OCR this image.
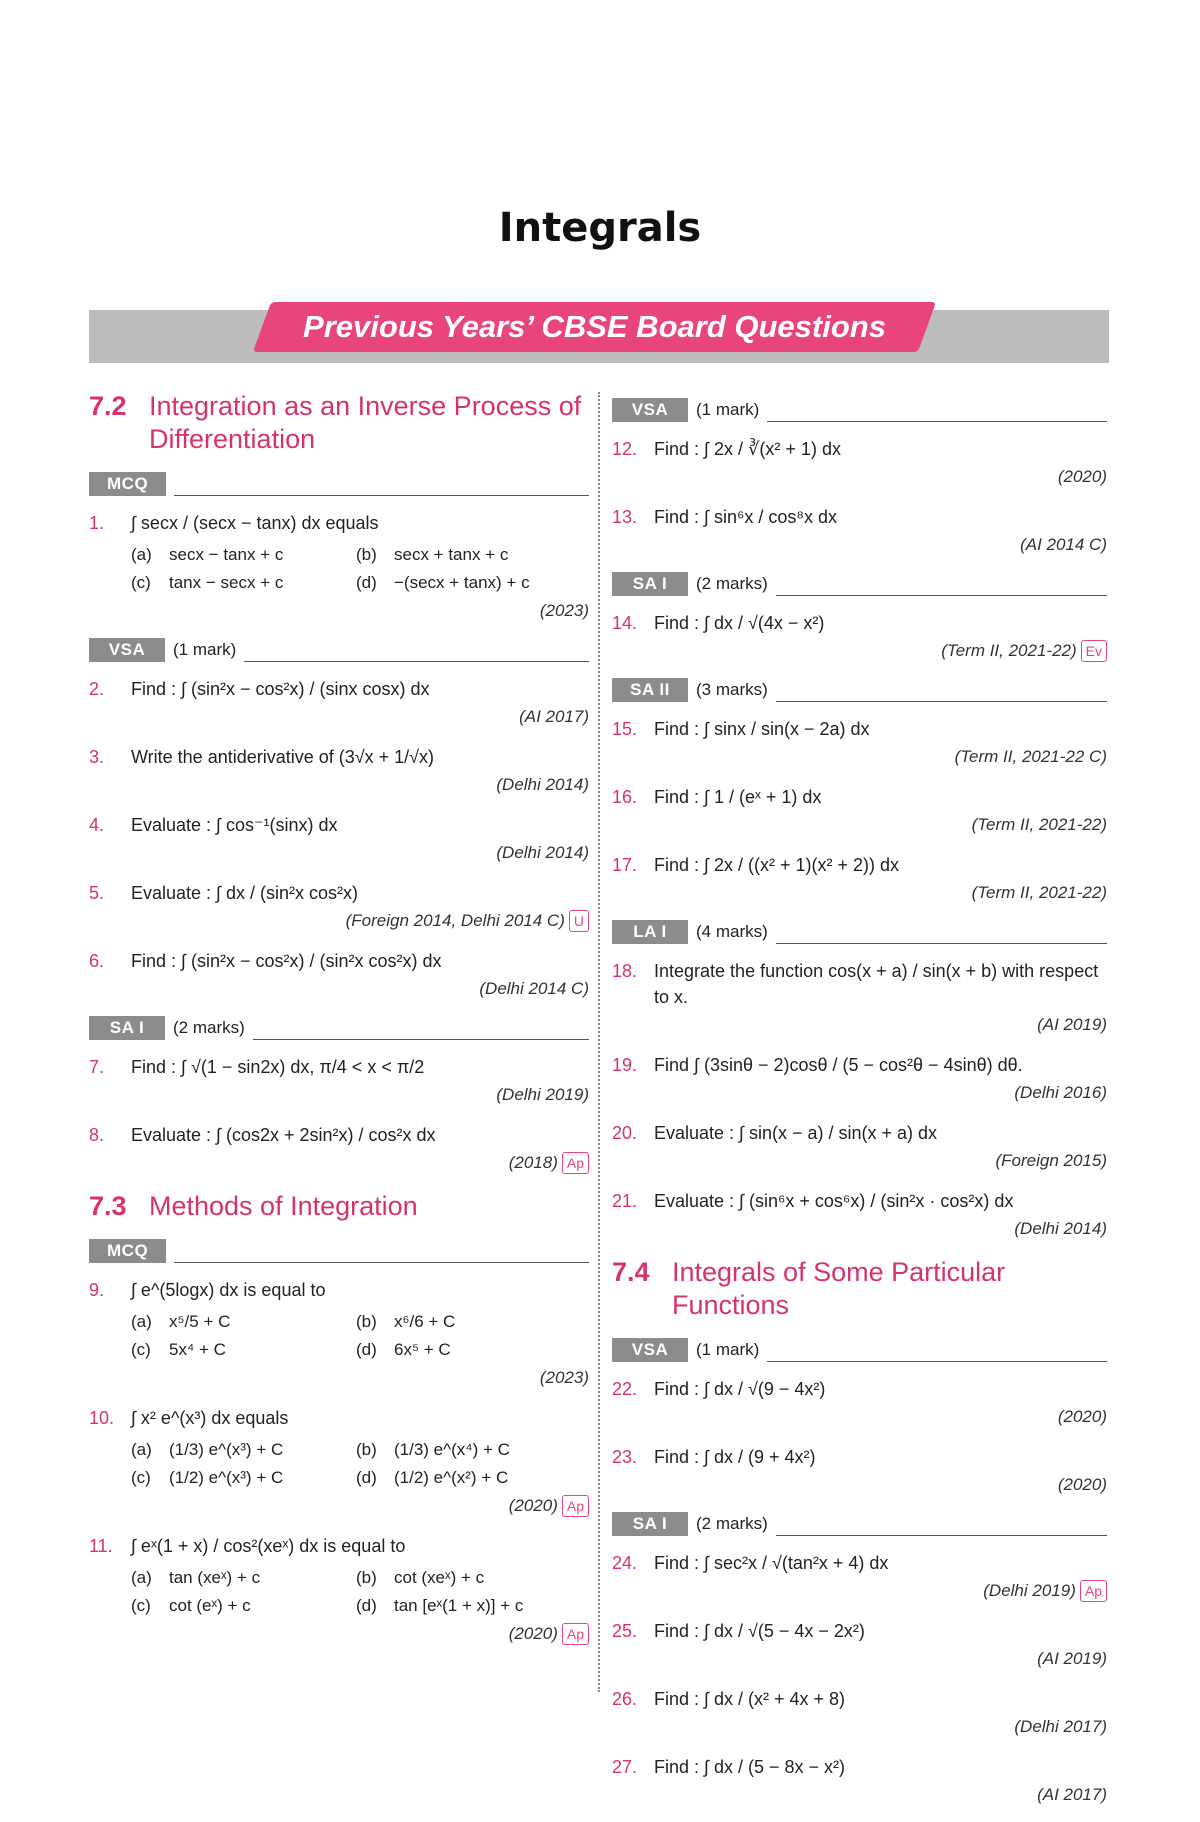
Integrals
Previous Years’ CBSE Board Questions
7.2 Integration as an Inverse Process of Differentiation
MCQ
1. ∫ secx / (secx − tanx) dx equals
(a) secx − tanx + c	(b) secx + tanx + c
(c) tanx − secx + c	(d) −(secx + tanx) + c
(2023)
VSA	(1 mark)
2. Find : ∫ (sin²x − cos²x) / (sinx cosx) dx
(AI 2017)
3. Write the antiderivative of (3√x + 1/√x)
(Delhi 2014)
4. Evaluate : ∫ cos⁻¹(sinx) dx
(Delhi 2014)
5. Evaluate : ∫ dx / (sin²x cos²x)
(Foreign 2014, Delhi 2014 C) U
6. Find : ∫ (sin²x − cos²x) / (sin²x cos²x) dx
(Delhi 2014 C)
SA I	(2 marks)
7. Find : ∫ √(1 − sin2x) dx, π/4 < x < π/2
(Delhi 2019)
8. Evaluate : ∫ (cos2x + 2sin²x) / cos²x dx
(2018) Ap
7.3 Methods of Integration
MCQ
9. ∫ e^(5logx) dx is equal to
(a) x⁵/5 + C	(b) x⁶/6 + C
(c) 5x⁴ + C	(d) 6x⁵ + C
(2023)
10. ∫ x² e^(x³) dx equals
(a) (1/3) e^(x³) + C	(b) (1/3) e^(x⁴) + C
(c) (1/2) e^(x³) + C	(d) (1/2) e^(x²) + C
(2020) Ap
11. ∫ eˣ(1 + x) / cos²(xeˣ) dx is equal to
(a) tan (xeˣ) + c	(b) cot (xeˣ) + c
(c) cot (eˣ) + c	(d) tan [eˣ(1 + x)] + c
(2020) Ap
VSA	(1 mark)
12. Find : ∫ 2x / ∛(x² + 1) dx
(2020)
13. Find : ∫ sin⁶x / cos⁸x dx
(AI 2014 C)
SA I	(2 marks)
14. Find : ∫ dx / √(4x − x²)
(Term II, 2021-22) Ev
SA II	(3 marks)
15. Find : ∫ sinx / sin(x − 2a) dx
(Term II, 2021-22 C)
16. Find : ∫ 1 / (eˣ + 1) dx
(Term II, 2021-22)
17. Find : ∫ 2x / ((x² + 1)(x² + 2)) dx
(Term II, 2021-22)
LA I	(4 marks)
18. Integrate the function cos(x + a) / sin(x + b) with respect to x.
(AI 2019)
19. Find ∫ (3sinθ − 2)cosθ / (5 − cos²θ − 4sinθ) dθ.
(Delhi 2016)
20. Evaluate : ∫ sin(x − a) / sin(x + a) dx
(Foreign 2015)
21. Evaluate : ∫ (sin⁶x + cos⁶x) / (sin²x · cos²x) dx
(Delhi 2014)
7.4 Integrals of Some Particular Functions
VSA	(1 mark)
22. Find : ∫ dx / √(9 − 4x²)
(2020)
23. Find : ∫ dx / (9 + 4x²)
(2020)
SA I	(2 marks)
24. Find : ∫ sec²x / √(tan²x + 4) dx
(Delhi 2019) Ap
25. Find : ∫ dx / √(5 − 4x − 2x²)
(AI 2019)
26. Find : ∫ dx / (x² + 4x + 8)
(Delhi 2017)
27. Find : ∫ dx / (5 − 8x − x²)
(AI 2017)
